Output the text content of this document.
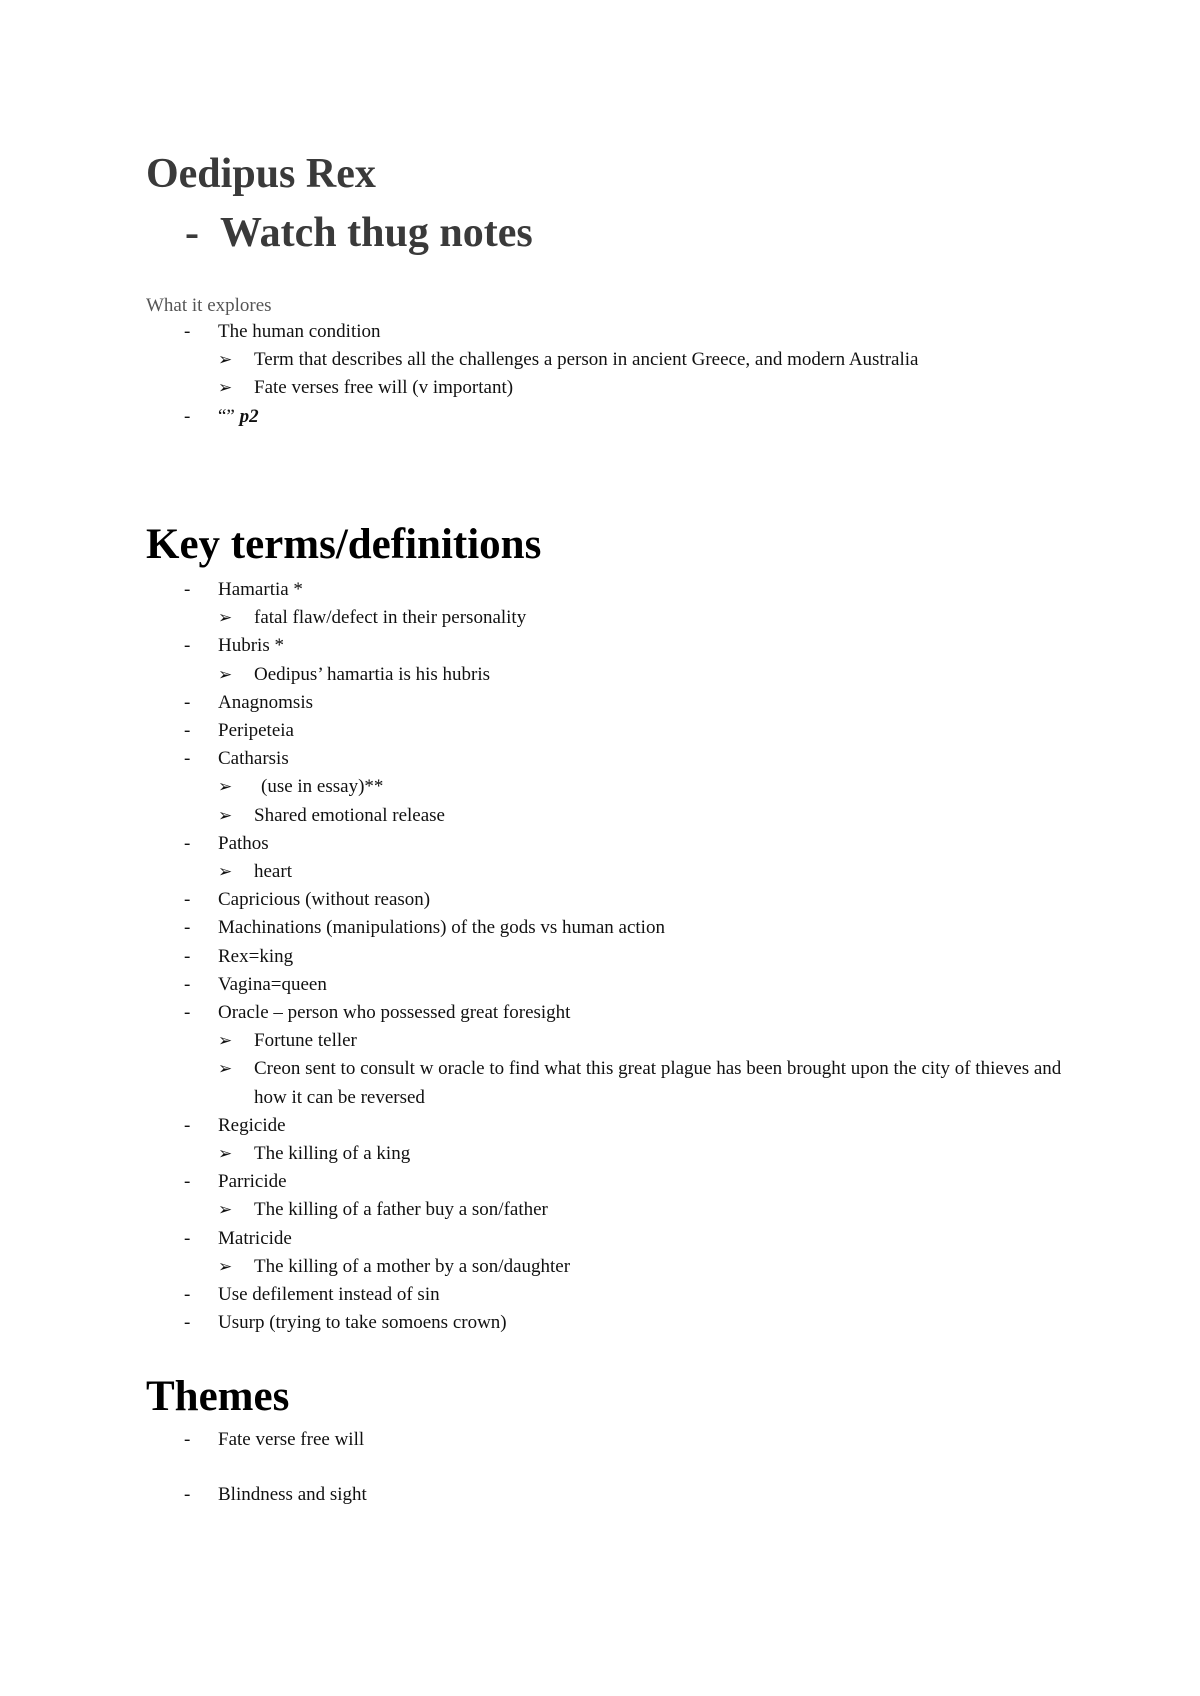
Oedipus Rex
- Watch thug notes

What it explores

- The human condition
➢ Term that describes all the challenges a person in ancient Greece, and modern Australia
➢ Fate verses free will (v important)
- “” p2
Key terms/definitions
- Hamartia *
➢ fatal flaw/defect in their personality
- Hubris *
➢ Oedipus’ hamartia is his hubris
- Anagnomsis
- Peripeteia
- Catharsis
➢ (use in essay)**
➢ Shared emotional release
- Pathos
➢ heart
- Capricious (without reason)
- Machinations (manipulations) of the gods vs human action
- Rex=king
- Vagina=queen
- Oracle – person who possessed great foresight
➢ Fortune teller
➢ Creon sent to consult w oracle to find what this great plague has been brought upon the city of thieves and how it can be reversed
- Regicide
➢ The killing of a king
- Parricide
➢ The killing of a father buy a son/father
- Matricide
➢ The killing of a mother by a son/daughter
- Use defilement instead of sin
- Usurp (trying to take somoens crown)
Themes
- Fate verse free will
- Blindness and sight
